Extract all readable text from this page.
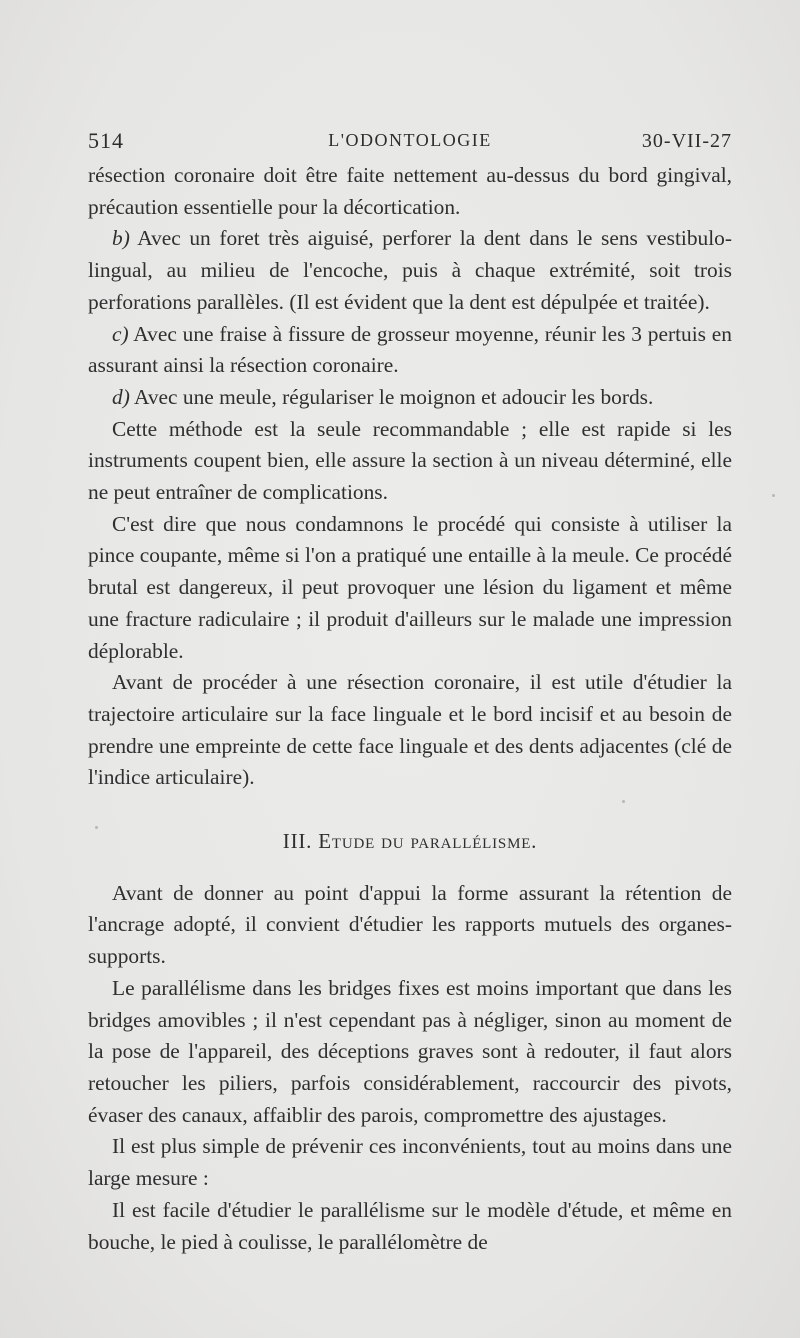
514	L'ODONTOLOGIE	30-VII-27

résection coronaire doit être faite nettement au-dessus du bord gingival, précaution essentielle pour la décortication.

b) Avec un foret très aiguisé, perforer la dent dans le sens vestibulo-lingual, au milieu de l'encoche, puis à chaque extrémité, soit trois perforations parallèles. (Il est évident que la dent est dépulpée et traitée).

c) Avec une fraise à fissure de grosseur moyenne, réunir les 3 pertuis en assurant ainsi la résection coronaire.

d) Avec une meule, régulariser le moignon et adoucir les bords.

Cette méthode est la seule recommandable ; elle est rapide si les instruments coupent bien, elle assure la section à un niveau déterminé, elle ne peut entraîner de complications.

C'est dire que nous condamnons le procédé qui consiste à utiliser la pince coupante, même si l'on a pratiqué une entaille à la meule. Ce procédé brutal est dangereux, il peut provoquer une lésion du ligament et même une fracture radiculaire ; il produit d'ailleurs sur le malade une impression déplorable.

Avant de procéder à une résection coronaire, il est utile d'étudier la trajectoire articulaire sur la face linguale et le bord incisif et au besoin de prendre une empreinte de cette face linguale et des dents adjacentes (clé de l'indice articulaire).

III. Etude du parallélisme.

Avant de donner au point d'appui la forme assurant la rétention de l'ancrage adopté, il convient d'étudier les rapports mutuels des organes-supports.

Le parallélisme dans les bridges fixes est moins important que dans les bridges amovibles ; il n'est cependant pas à négliger, sinon au moment de la pose de l'appareil, des déceptions graves sont à redouter, il faut alors retoucher les piliers, parfois considérablement, raccourcir des pivots, évaser des canaux, affaiblir des parois, compromettre des ajustages.

Il est plus simple de prévenir ces inconvénients, tout au moins dans une large mesure :

Il est facile d'étudier le parallélisme sur le modèle d'étude, et même en bouche, le pied à coulisse, le parallélomètre de
